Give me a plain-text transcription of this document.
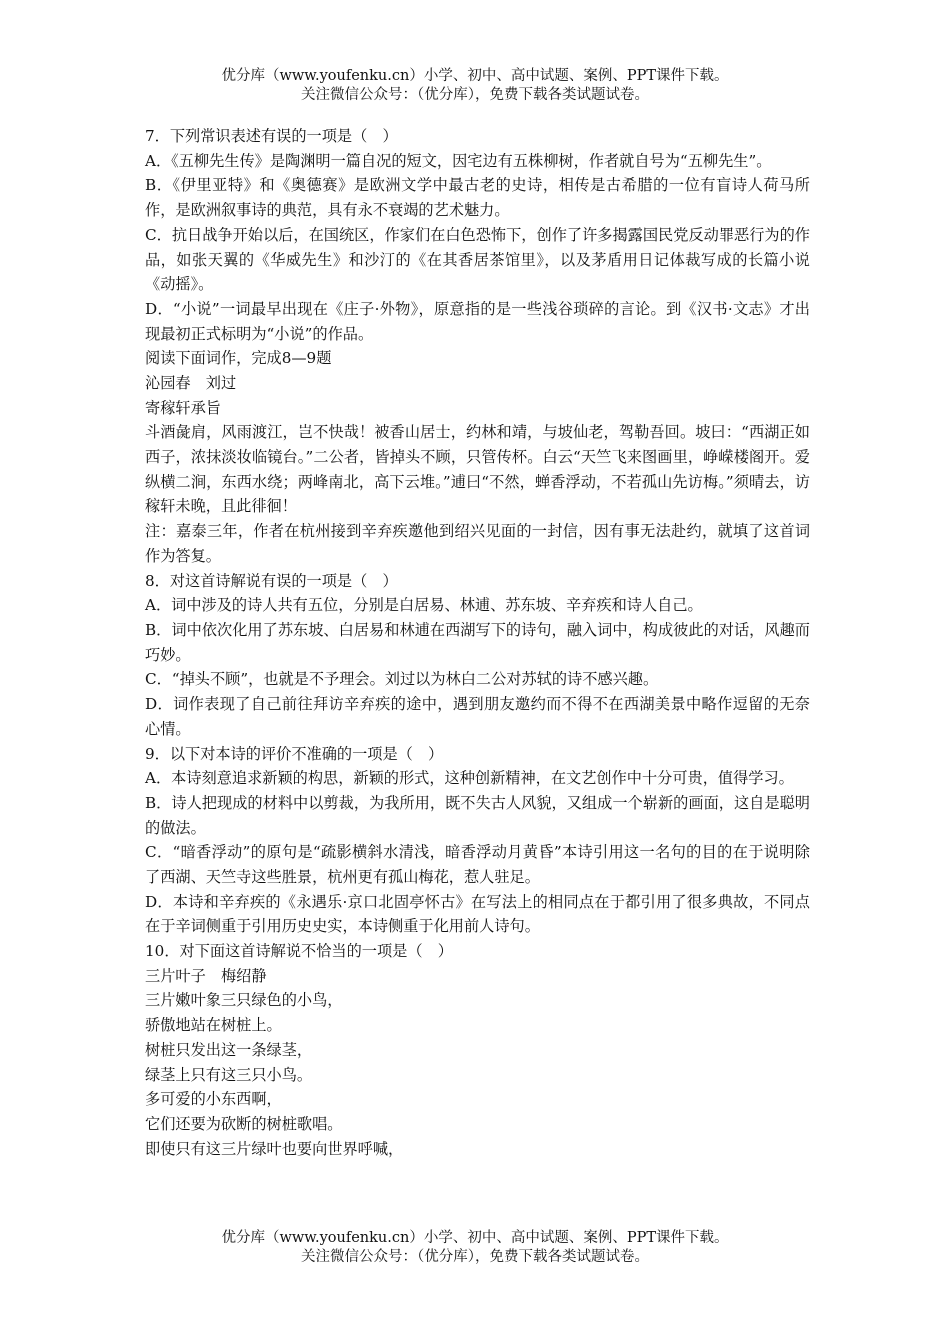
优分库（www.youfenku.cn）小学、初中、高中试题、案例、PPT课件下载。
关注微信公众号：（优分库），免费下载各类试题试卷。
7．下列常识表述有误的一项是（　）
A．《五柳先生传》是陶渊明一篇自况的短文，因宅边有五株柳树，作者就自号为“五柳先生”。
B．《伊里亚特》和《奥德赛》是欧洲文学中最古老的史诗，相传是古希腊的一位有盲诗人荷马所作，是欧洲叙事诗的典范，具有永不衰竭的艺术魅力。
C．抗日战争开始以后，在国统区，作家们在白色恐怖下，创作了许多揭露国民党反动罪恶行为的作品，如张天翼的《华威先生》和沙汀的《在其香居茶馆里》，以及茅盾用日记体裁写成的长篇小说《动摇》。
D．“小说”一词最早出现在《庄子·外物》，原意指的是一些浅谷琐碎的言论。到《汉书·文志》才出现最初正式标明为“小说”的作品。
阅读下面词作，完成8—9题
沁园春　刘过
寄稼轩承旨
斗酒彘肩，风雨渡江，岂不快哉！被香山居士，约林和靖，与坡仙老，驾勒吾回。坡曰：“西湖正如西子，浓抹淡妆临镜台。”二公者，皆掉头不顾，只管传杯。白云“天竺飞来图画里，峥嵘楼阁开。爱纵横二涧，东西水绕；两峰南北，高下云堆。”逋曰“不然，蝉香浮动，不若孤山先访梅。”须晴去，访稼轩未晚，且此徘徊！
注：嘉泰三年，作者在杭州接到辛弃疾邀他到绍兴见面的一封信，因有事无法赴约，就填了这首词作为答复。
8．对这首诗解说有误的一项是（　）
A．词中涉及的诗人共有五位，分别是白居易、林逋、苏东坡、辛弃疾和诗人自己。
B．词中依次化用了苏东坡、白居易和林逋在西湖写下的诗句，融入词中，构成彼此的对话，风趣而巧妙。
C．“掉头不顾”，也就是不予理会。刘过以为林白二公对苏轼的诗不感兴趣。
D．词作表现了自己前往拜访辛弃疾的途中，遇到朋友邀约而不得不在西湖美景中略作逗留的无奈心情。
9．以下对本诗的评价不准确的一项是（　）
A．本诗刻意追求新颖的构思，新颖的形式，这种创新精神，在文艺创作中十分可贵，值得学习。
B．诗人把现成的材料中以剪裁，为我所用，既不失古人风貌，又组成一个崭新的画面，这自是聪明的做法。
C．“暗香浮动”的原句是“疏影横斜水清浅，暗香浮动月黄昏”本诗引用这一名句的目的在于说明除了西湖、天竺寺这些胜景，杭州更有孤山梅花，惹人驻足。
D．本诗和辛弃疾的《永遇乐·京口北固亭怀古》在写法上的相同点在于都引用了很多典故，不同点在于辛词侧重于引用历史史实，本诗侧重于化用前人诗句。
10．对下面这首诗解说不恰当的一项是（　）
三片叶子　梅绍静
三片嫩叶象三只绿色的小鸟，
骄傲地站在树桩上。
树桩只发出这一条绿茎，
绿茎上只有这三只小鸟。
多可爱的小东西啊，
它们还要为砍断的树桩歌唱。
即使只有这三片绿叶也要向世界呼喊，
优分库（www.youfenku.cn）小学、初中、高中试题、案例、PPT课件下载。
关注微信公众号：（优分库），免费下载各类试题试卷。
